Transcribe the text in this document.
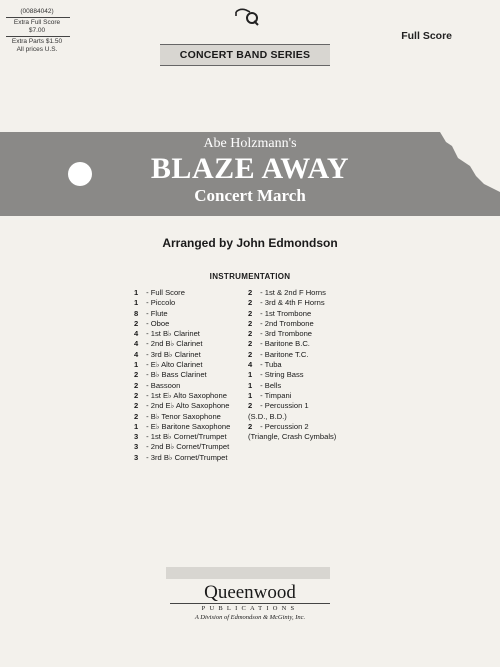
(00884042)
Extra Full Score $7.00
Extra Parts $1.50
All prices U.S.
Full Score
CONCERT BAND SERIES
Abe Holzmann's
BLAZE AWAY
Concert March
Arranged by John Edmondson
INSTRUMENTATION
1 - Full Score
1 - Piccolo
8 - Flute
2 - Oboe
4 - 1st B♭ Clarinet
4 - 2nd B♭ Clarinet
4 - 3rd B♭ Clarinet
1 - E♭ Alto Clarinet
2 - B♭ Bass Clarinet
2 - Bassoon
2 - 1st E♭ Alto Saxophone
2 - 2nd E♭ Alto Saxophone
2 - B♭ Tenor Saxophone
1 - E♭ Baritone Saxophone
3 - 1st B♭ Cornet/Trumpet
3 - 2nd B♭ Cornet/Trumpet
3 - 3rd B♭ Cornet/Trumpet
2 - 1st & 2nd F Horns
2 - 3rd & 4th F Horns
2 - 1st Trombone
2 - 2nd Trombone
2 - 3rd Trombone
2 - Baritone B.C.
2 - Baritone T.C.
4 - Tuba
1 - String Bass
1 - Bells
1 - Timpani
2 - Percussion 1
(S.D., B.D.)
2 - Percussion 2
(Triangle, Crash Cymbals)
Queenwood
PUBLICATIONS
A Division of Edmondson & McGinty, Inc.
